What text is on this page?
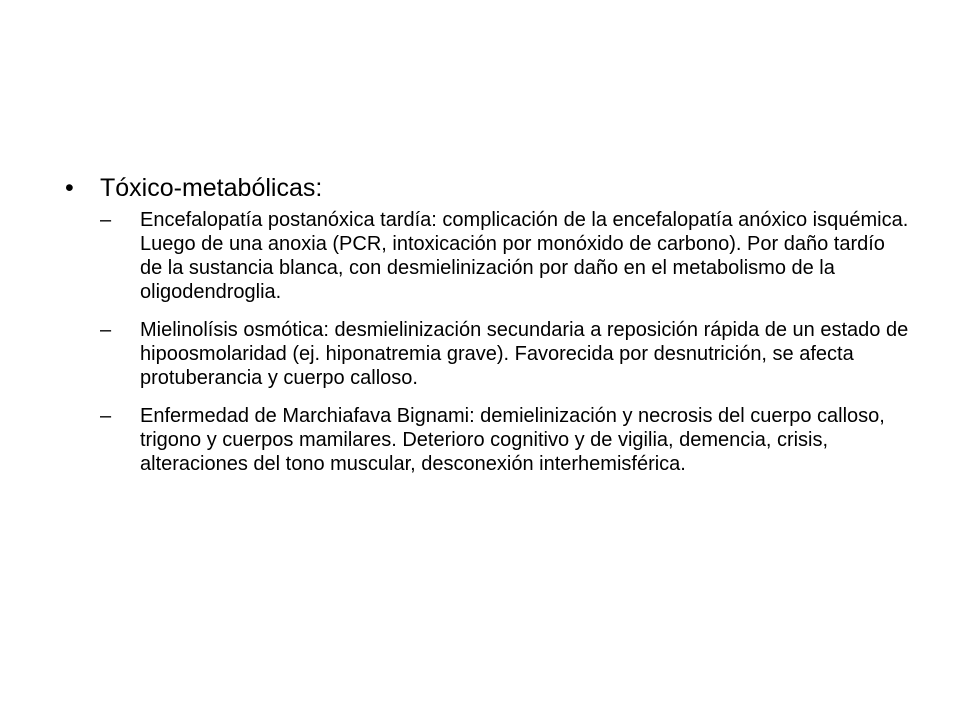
• Tóxico-metabólicas:
– Encefalopatía postanóxica tardía: complicación de la encefalopatía anóxico isquémica. Luego de una anoxia (PCR, intoxicación por monóxido de carbono). Por daño tardío de la sustancia blanca, con desmielinización por daño en el metabolismo de la oligodendroglia.
– Mielinolísis osmótica: desmielinización secundaria a reposición rápida de un estado de hipoosmolaridad (ej. hiponatremia grave). Favorecida por desnutrición, se afecta protuberancia y cuerpo calloso.
– Enfermedad de Marchiafava Bignami: demielinización y necrosis del cuerpo calloso, trigono y cuerpos mamilares. Deterioro cognitivo y de vigilia, demencia, crisis, alteraciones del tono muscular, desconexión interhemisférica.
